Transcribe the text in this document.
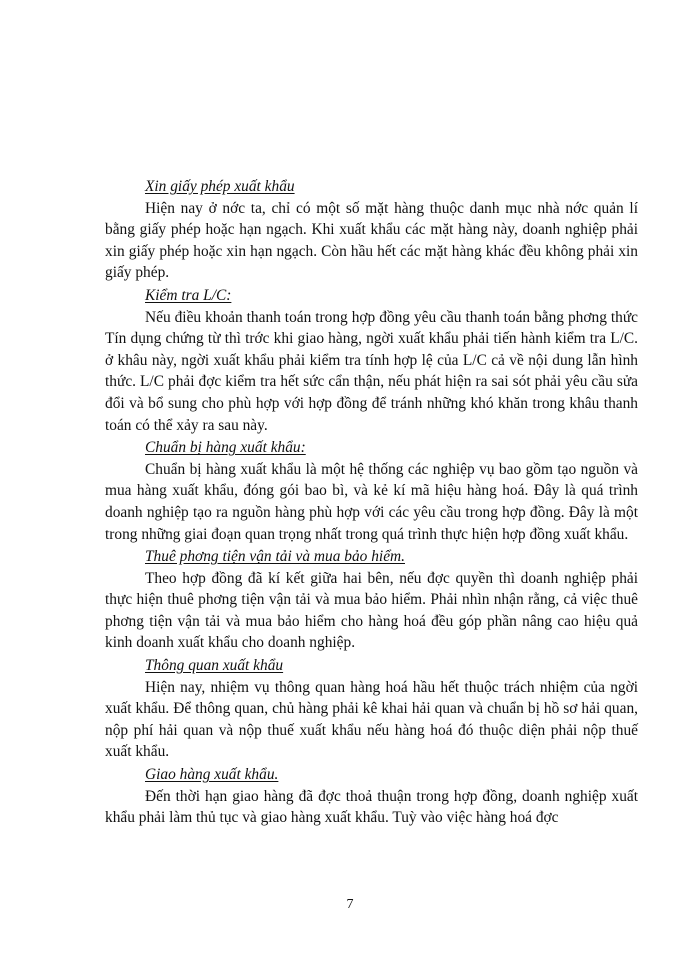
Xin giấy phép xuất khẩu

Hiện nay ở nớc ta, chỉ có một số mặt hàng thuộc danh mục nhà nớc quản lí bằng giấy phép hoặc hạn ngạch. Khi xuất khẩu các mặt hàng này, doanh nghiệp phải xin giấy phép hoặc xin hạn ngạch. Còn hầu hết các mặt hàng khác đều không phải xin giấy phép.

Kiểm tra L/C:

Nếu điều khoản thanh toán trong hợp đồng yêu cầu thanh toán bằng phơng thức Tín dụng chứng từ thì trớc khi giao hàng, ngời xuất khẩu phải tiến hành kiểm tra L/C. ở khâu này, ngời xuất khẩu phải kiểm tra tính hợp lệ của L/C cả về nội dung lẫn hình thức. L/C phải đợc kiểm tra hết sức cẩn thận, nếu phát hiện ra sai sót phải yêu cầu sửa đổi và bổ sung cho phù hợp với hợp đồng để tránh những khó khăn trong khâu thanh toán có thể xảy ra sau này.

Chuẩn bị hàng xuất khẩu:

Chuẩn bị hàng xuất khẩu là một hệ thống các nghiệp vụ bao gồm tạo nguồn và mua hàng xuất khẩu, đóng gói bao bì, và kẻ kí mã hiệu hàng hoá. Đây là quá trình doanh nghiệp tạo ra nguồn hàng phù hợp với các yêu cầu trong hợp đồng. Đây là một trong những giai đoạn quan trọng nhất trong quá trình thực hiện hợp đồng xuất khẩu.

Thuê phơng tiện vận tải và mua bảo hiểm.

Theo hợp đồng đã kí kết giữa hai bên, nếu đợc quyền thì doanh nghiệp phải thực hiện thuê phơng tiện vận tải và mua bảo hiểm. Phải nhìn nhận rằng, cả việc thuê phơng tiện vận tải và mua bảo hiểm cho hàng hoá đều góp phần nâng cao hiệu quả kinh doanh xuất khẩu cho doanh nghiệp.

Thông quan xuất khẩu

Hiện nay, nhiệm vụ thông quan hàng hoá hầu hết thuộc trách nhiệm của ngời xuất khẩu. Để thông quan, chủ hàng phải kê khai hải quan và chuẩn bị hồ sơ hải quan, nộp phí hải quan và nộp thuế xuất khẩu nếu hàng hoá đó thuộc diện phải nộp thuế xuất khẩu.

Giao hàng xuất khẩu.

Đến thời hạn giao hàng đã đợc thoả thuận trong hợp đồng, doanh nghiệp xuất khẩu phải làm thủ tục và giao hàng xuất khẩu. Tuỳ vào việc hàng hoá đợc

7
